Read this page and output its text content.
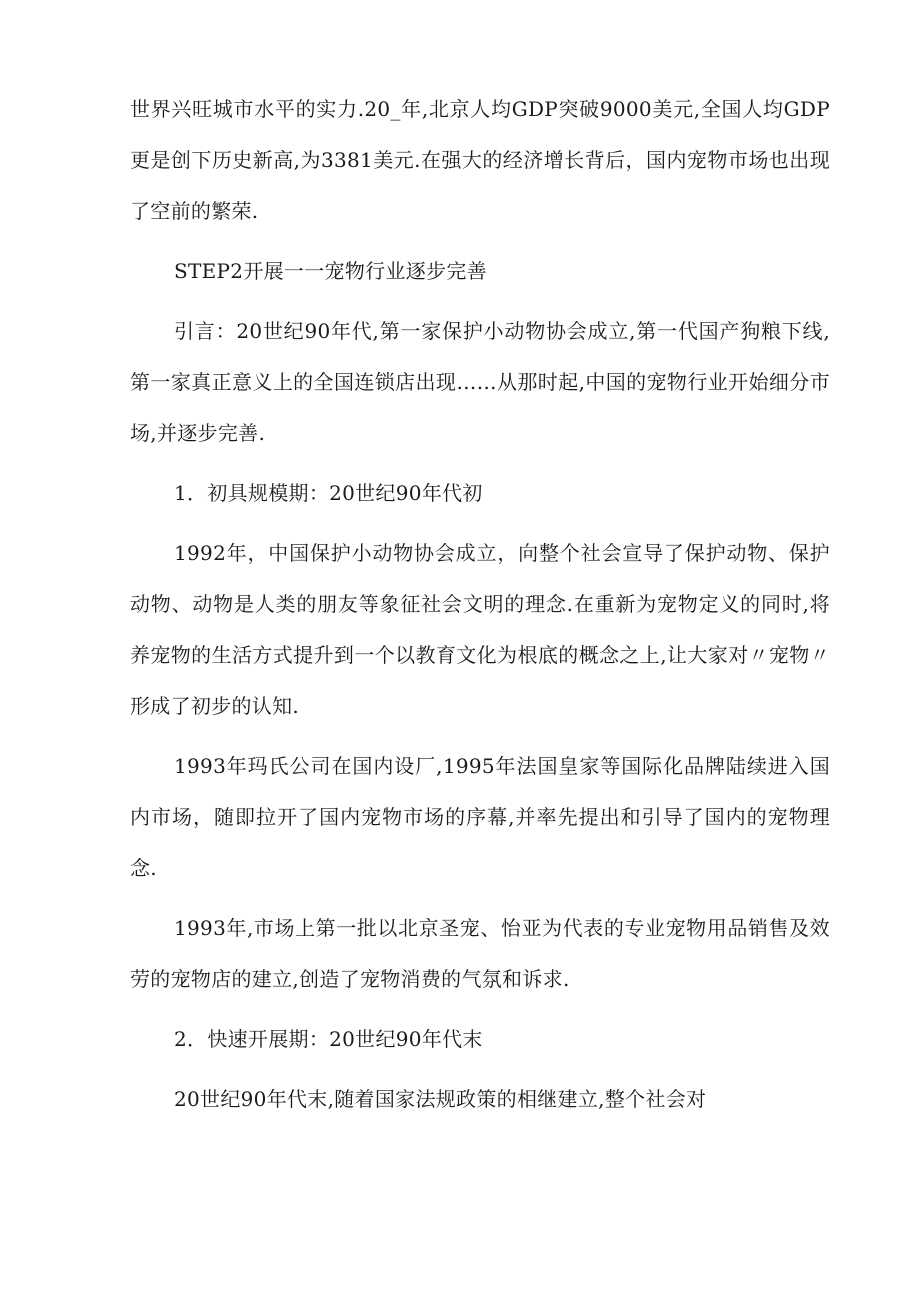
世界兴旺城市水平的实力.20_年,北京人均GDP突破9000美元,全国人均GDP更是创下历史新高,为3381美元.在强大的经济增长背后，国内宠物市场也出现了空前的繁荣.

STEP2开展一一宠物行业逐步完善

引言：20世纪90年代,第一家保护小动物协会成立,第一代国产狗粮下线,第一家真正意义上的全国连锁店出现……从那时起,中国的宠物行业开始细分市场,并逐步完善.

1．初具规模期：20世纪90年代初

1992年，中国保护小动物协会成立，向整个社会宣导了保护动物、保护动物、动物是人类的朋友等象征社会文明的理念.在重新为宠物定义的同时,将养宠物的生活方式提升到一个以教育文化为根底的概念之上,让大家对〃宠物〃形成了初步的认知.

1993年玛氏公司在国内设厂,1995年法国皇家等国际化品牌陆续进入国内市场，随即拉开了国内宠物市场的序幕,并率先提出和引导了国内的宠物理念.

1993年,市场上第一批以北京圣宠、怡亚为代表的专业宠物用品销售及效劳的宠物店的建立,创造了宠物消费的气氛和诉求.

2．快速开展期：20世纪90年代末

20世纪90年代末,随着国家法规政策的相继建立,整个社会对
